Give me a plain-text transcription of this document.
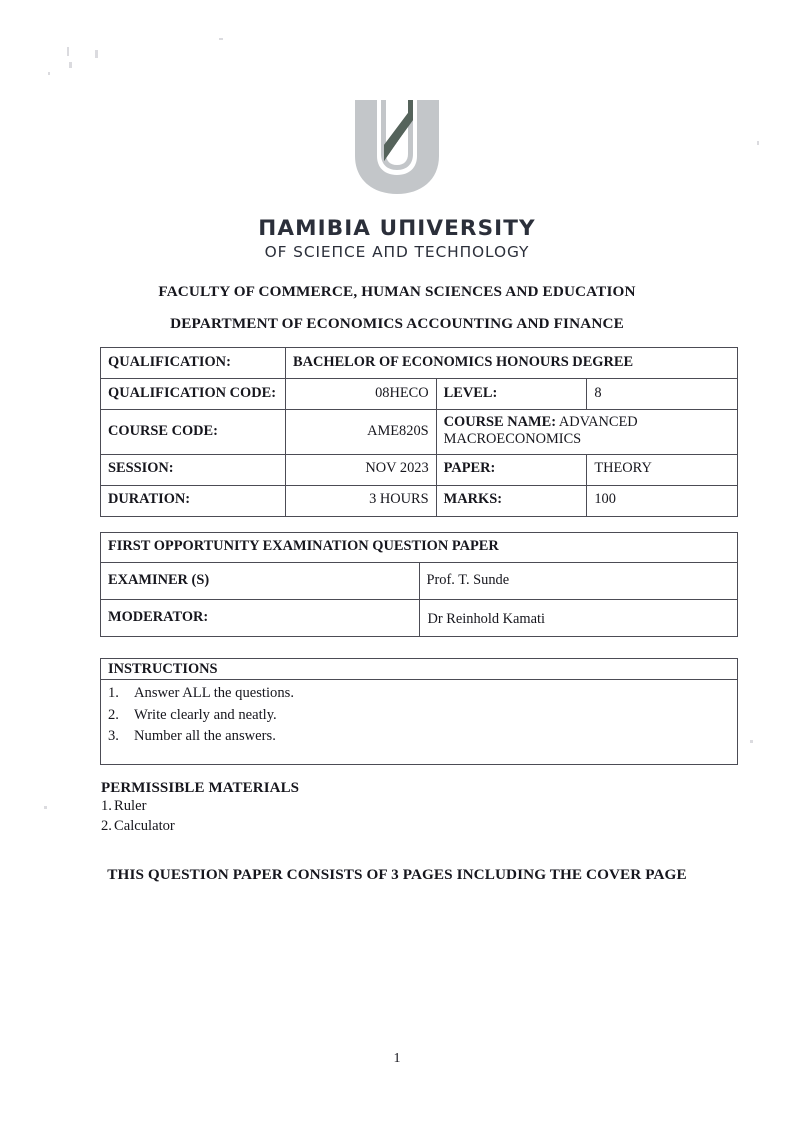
ΠAMIBIA UΠIVERSITY
OF SCIEΠCE AΠD TECHΠOLOGY
FACULTY OF COMMERCE, HUMAN SCIENCES AND EDUCATION
DEPARTMENT OF ECONOMICS ACCOUNTING AND FINANCE
QUALIFICATION:	BACHELOR OF ECONOMICS HONOURS DEGREE		
QUALIFICATION CODE:	08HECO	LEVEL:	8
COURSE CODE:	AME820S	COURSE NAME: ADVANCED MACROECONOMICS	
SESSION:	NOV 2023	PAPER:	THEORY
DURATION:	3 HOURS	MARKS:	100
FIRST OPPORTUNITY EXAMINATION QUESTION PAPER
EXAMINER (S)	Prof. T. Sunde
MODERATOR:	Dr Reinhold Kamati
INSTRUCTIONS

1. Answer ALL the questions.
2. Write clearly and neatly.
3. Number all the answers.
PERMISSIBLE MATERIALS
1. Ruler
2. Calculator
THIS QUESTION PAPER CONSISTS OF 3 PAGES INCLUDING THE COVER PAGE
1
